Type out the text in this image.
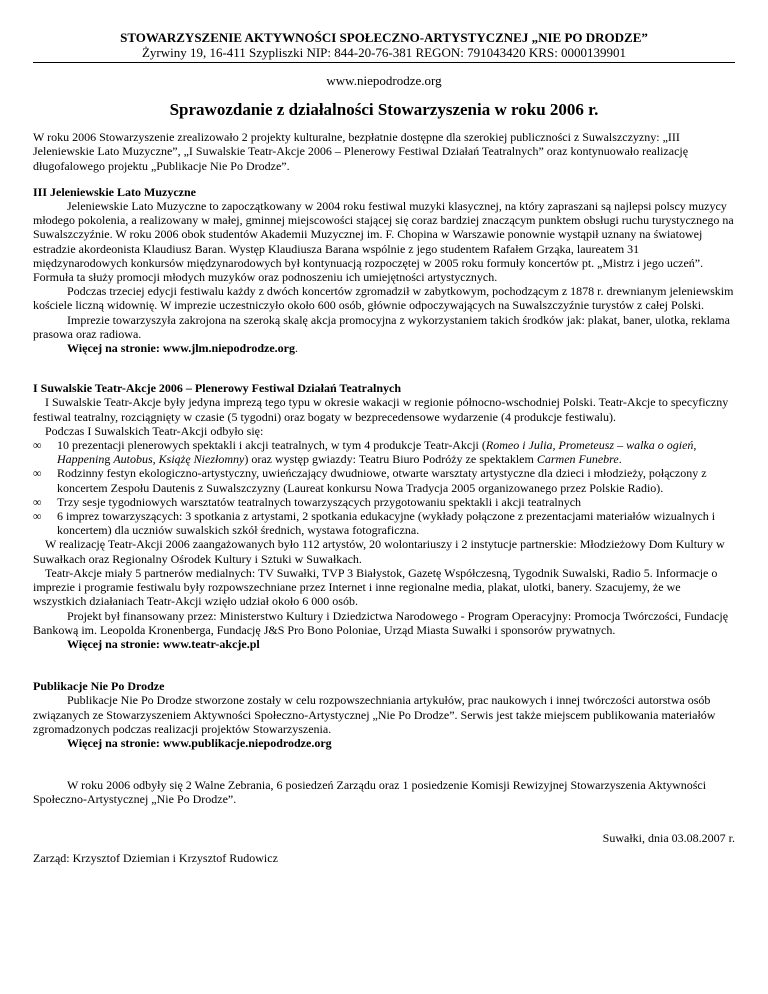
STOWARZYSZENIE AKTYWNOŚCI SPOŁECZNO-ARTYSTYCZNEJ „NIE PO DRODZE”

Żyrwiny 19, 16-411 Szypliszki NIP: 844-20-76-381 REGON: 791043420 KRS: 0000139901

www.niepodrodze.org

Sprawozdanie z działalności Stowarzyszenia w roku 2006 r.

W roku 2006 Stowarzyszenie zrealizowało 2 projekty kulturalne, bezpłatnie dostępne dla szerokiej publiczności z Suwalszczyzny: „III Jeleniewskie Lato Muzyczne”, „I Suwalskie Teatr-Akcje 2006 – Plenerowy Festiwal Działań Teatralnych” oraz kontynuowało realizację długofalowego projektu „Publikacje Nie Po Drodze”.

III Jeleniewskie Lato Muzyczne

Jeleniewskie Lato Muzyczne to zapoczątkowany w 2004 roku festiwal muzyki klasycznej, na który zapraszani są najlepsi polscy muzycy młodego pokolenia, a realizowany w małej, gminnej miejscowości stającej się coraz bardziej znaczącym punktem obsługi ruchu turystycznego na Suwalszczyźnie. W roku 2006 obok studentów Akademii Muzycznej im. F. Chopina w Warszawie ponownie wystąpił uznany na światowej estradzie akordeonista Klaudiusz Baran. Występ Klaudiusza Barana wspólnie z jego studentem Rafałem Grząka, laureatem 31 międzynarodowych konkursów międzynarodowych był kontynuacją rozpoczętej w 2005 roku formuły koncertów pt. „Mistrz i jego uczeń”. Formuła ta służy promocji młodych muzyków oraz podnoszeniu ich umiejętności artystycznych.

Podczas trzeciej edycji festiwalu każdy z dwóch koncertów zgromadził w zabytkowym, pochodzącym z 1878 r. drewnianym jeleniewskim kościele liczną widownię. W imprezie uczestniczyło około 600 osób, głównie odpoczywających na Suwalszczyźnie turystów z całej Polski.

Imprezie towarzyszyła zakrojona na szeroką skalę akcja promocyjna z wykorzystaniem takich środków jak: plakat, baner, ulotka, reklama prasowa oraz radiowa.

Więcej na stronie: www.jlm.niepodrodze.org.

I Suwalskie Teatr-Akcje 2006 – Plenerowy Festiwal Działań Teatralnych

I Suwalskie Teatr-Akcje były jedyna imprezą tego typu w okresie wakacji w regionie północno-wschodniej Polski. Teatr-Akcje to specyficzny festiwal teatralny, rozciągnięty w czasie (5 tygodni) oraz bogaty w bezprecedensowe wydarzenie (4 produkcje festiwalu).

Podczas I Suwalskich Teatr-Akcji odbyło się:

∞	10 prezentacji plenerowych spektakli i akcji teatralnych, w tym 4 produkcje Teatr-Akcji (Romeo i Julia, Prometeusz – walka o ogień, Happening Autobus, Książę Niezłomny) oraz występ gwiazdy: Teatru Biuro Podróży ze spektaklem Carmen Funebre.
∞	Rodzinny festyn ekologiczno-artystyczny, uwieńczający dwudniowe, otwarte warsztaty artystyczne dla dzieci i młodzieży, połączony z koncertem Zespołu Dautenis z Suwalszczyzny (Laureat konkursu Nowa Tradycja 2005 organizowanego przez Polskie Radio).
∞	Trzy sesje tygodniowych warsztatów teatralnych towarzyszących przygotowaniu spektakli i akcji teatralnych
∞	6 imprez towarzyszących: 3 spotkania z artystami, 2 spotkania edukacyjne (wykłady połączone z prezentacjami materiałów wizualnych i koncertem) dla uczniów suwalskich szkół średnich, wystawa fotograficzna.

W realizację Teatr-Akcji 2006 zaangażowanych było 112 artystów, 20 wolontariuszy i 2 instytucje partnerskie: Młodzieżowy Dom Kultury w Suwałkach oraz Regionalny Ośrodek Kultury i Sztuki w Suwałkach.

Teatr-Akcje miały 5 partnerów medialnych: TV Suwałki, TVP 3 Białystok, Gazetę Współczesną, Tygodnik Suwalski, Radio 5. Informacje o imprezie i programie festiwalu były rozpowszechniane przez Internet i inne regionalne media, plakat, ulotki, banery. Szacujemy, że we wszystkich działaniach Teatr-Akcji wzięło udział około 6 000 osób.

Projekt był finansowany przez: Ministerstwo Kultury i Dziedzictwa Narodowego - Program Operacyjny: Promocja Twórczości, Fundację Bankową im. Leopolda Kronenberga, Fundację J&S Pro Bono Poloniae, Urząd Miasta Suwałki i sponsorów prywatnych.

Więcej na stronie: www.teatr-akcje.pl

Publikacje Nie Po Drodze

Publikacje Nie Po Drodze stworzone zostały w celu rozpowszechniania artykułów, prac naukowych i innej twórczości autorstwa osób związanych ze Stowarzyszeniem Aktywności Społeczno-Artystycznej „Nie Po Drodze”. Serwis jest także miejscem publikowania materiałów zgromadzonych podczas realizacji projektów Stowarzyszenia.

Więcej na stronie: www.publikacje.niepodrodze.org

W roku 2006 odbyły się 2 Walne Zebrania, 6 posiedzeń Zarządu oraz 1 posiedzenie Komisji Rewizyjnej Stowarzyszenia Aktywności Społeczno-Artystycznej „Nie Po Drodze”.

Suwałki, dnia 03.08.2007 r.

Zarząd: Krzysztof Dziemian i Krzysztof Rudowicz
